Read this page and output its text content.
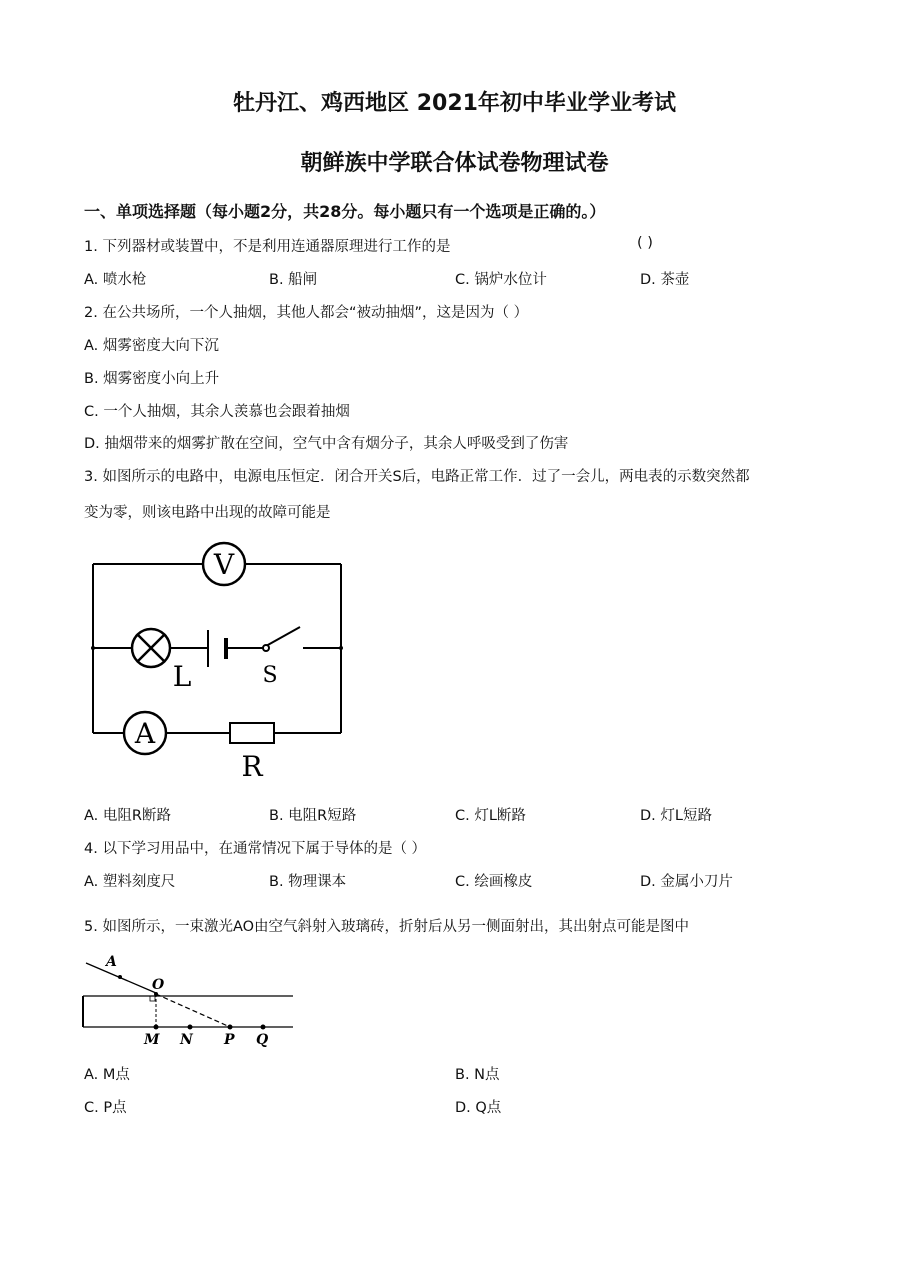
牡丹江、鸡西地区 2021年初中毕业学业考试
朝鲜族中学联合体试卷物理试卷
一、单项选择题（每小题2分，共28分。每小题只有一个选项是正确的。）
1. 下列器材或装置中，不是利用连通器原理进行工作的是	( )
A. 喷水枪	B. 船闸	C. 锅炉水位计	D. 茶壶
2. 在公共场所，一个人抽烟，其他人都会“被动抽烟”，这是因为（ ）
A. 烟雾密度大向下沉
B. 烟雾密度小向上升
C. 一个人抽烟，其余人羡慕也会跟着抽烟
D. 抽烟带来的烟雾扩散在空间，空气中含有烟分子，其余人呼吸受到了伤害
3. 如图所示的电路中，电源电压恒定．闭合开关S后，电路正常工作．过了一会儿，两电表的示数突然都
变为零，则该电路中出现的故障可能是
V
A
L	S
R
A. 电阻R断路	B. 电阻R短路	C. 灯L断路	D. 灯L短路
4. 以下学习用品中，在通常情况下属于导体的是（ ）
A. 塑料刻度尺	B. 物理课本	C. 绘画橡皮	D. 金属小刀片
5. 如图所示，一束激光AO由空气斜射入玻璃砖，折射后从另一侧面射出，其出射点可能是图中
A
O
M N P Q
A. M点	B. N点
C. P点	D. Q点
